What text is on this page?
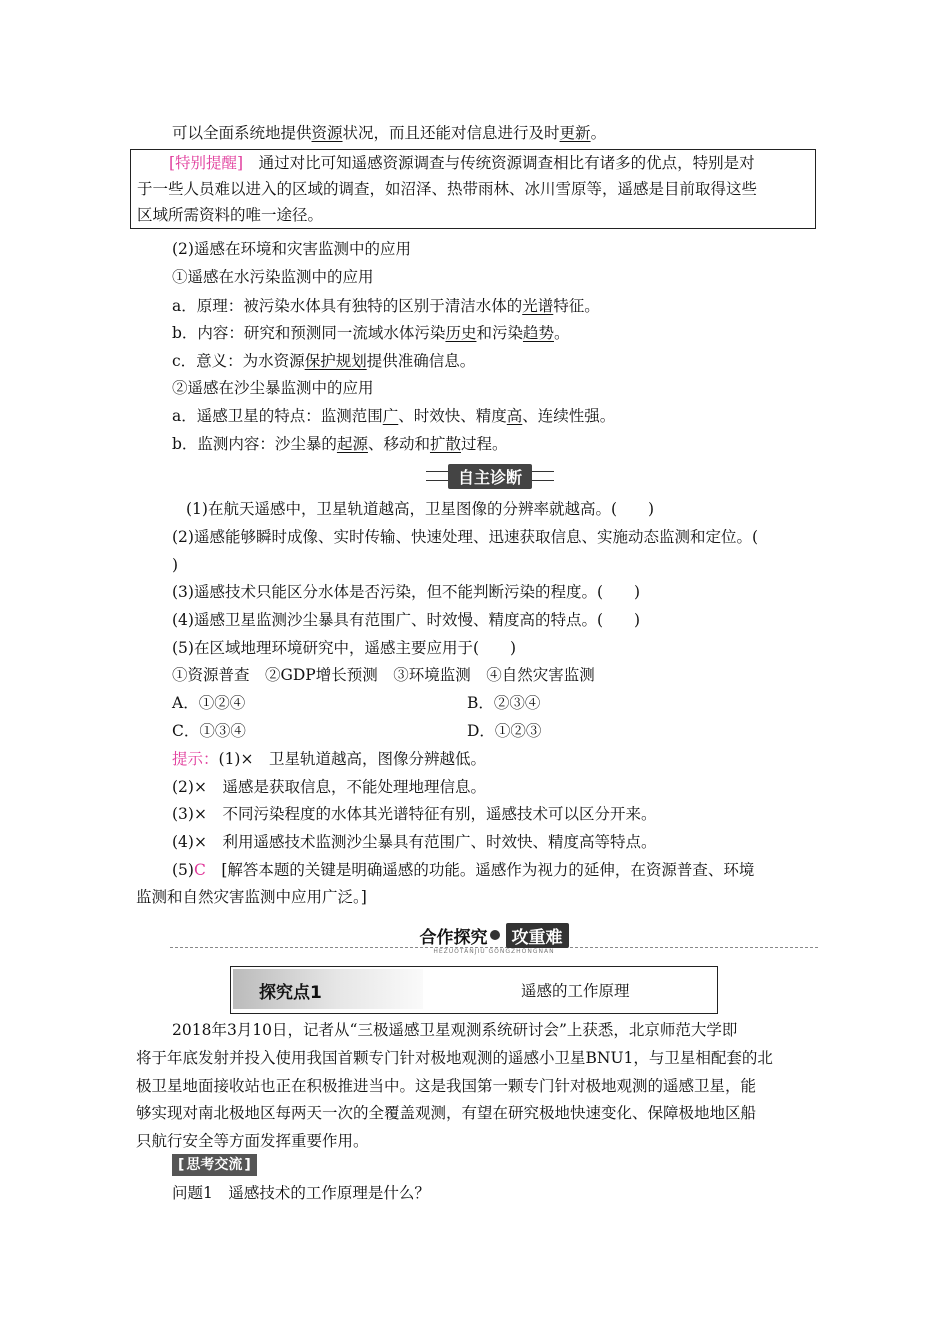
可以全面系统地提供资源状况，而且还能对信息进行及时更新。
[特别提醒]　通过对比可知遥感资源调查与传统资源调查相比有诸多的优点，特别是对
于一些人员难以进入的区域的调查，如沼泽、热带雨林、冰川雪原等，遥感是目前取得这些
区域所需资料的唯一途径。
(2)遥感在环境和灾害监测中的应用
①遥感在水污染监测中的应用
a．原理：被污染水体具有独特的区别于清洁水体的光谱特征。
b．内容：研究和预测同一流域水体污染历史和污染趋势。
c．意义：为水资源保护规划提供准确信息。
②遥感在沙尘暴监测中的应用
a．遥感卫星的特点：监测范围广、时效快、精度高、连续性强。
b．监测内容：沙尘暴的起源、移动和扩散过程。
自主诊断
(1)在航天遥感中，卫星轨道越高，卫星图像的分辨率就越高。(　　)
(2)遥感能够瞬时成像、实时传输、快速处理、迅速获取信息、实施动态监测和定位。(
)
(3)遥感技术只能区分水体是否污染，但不能判断污染的程度。(　　)
(4)遥感卫星监测沙尘暴具有范围广、时效慢、精度高的特点。(　　)
(5)在区域地理环境研究中，遥感主要应用于(　　)
①资源普查　②GDP增长预测　③环境监测　④自然灾害监测
A．①②④	B．②③④
C．①③④	D．①②③
提示：(1)×　卫星轨道越高，图像分辨越低。
(2)×　遥感是获取信息，不能处理地理信息。
(3)×　不同污染程度的水体其光谱特征有别，遥感技术可以区分开来。
(4)×　利用遥感技术监测沙尘暴具有范围广、时效快、精度高等特点。
(5)C　[解答本题的关键是明确遥感的功能。遥感作为视力的延伸，在资源普查、环境
监测和自然灾害监测中应用广泛。]
合作探究	攻重难
HEZUOTANJIU GONGZHONGNAN
探究点1	遥感的工作原理
2018年3月10日，记者从“三极遥感卫星观测系统研讨会”上获悉，北京师范大学即
将于年底发射并投入使用我国首颗专门针对极地观测的遥感小卫星BNU1，与卫星相配套的北
极卫星地面接收站也正在积极推进当中。这是我国第一颗专门针对极地观测的遥感卫星，能
够实现对南北极地区每两天一次的全覆盖观测，有望在研究极地快速变化、保障极地地区船
只航行安全等方面发挥重要作用。
[ 思考交流 ]
问题1　遥感技术的工作原理是什么？
